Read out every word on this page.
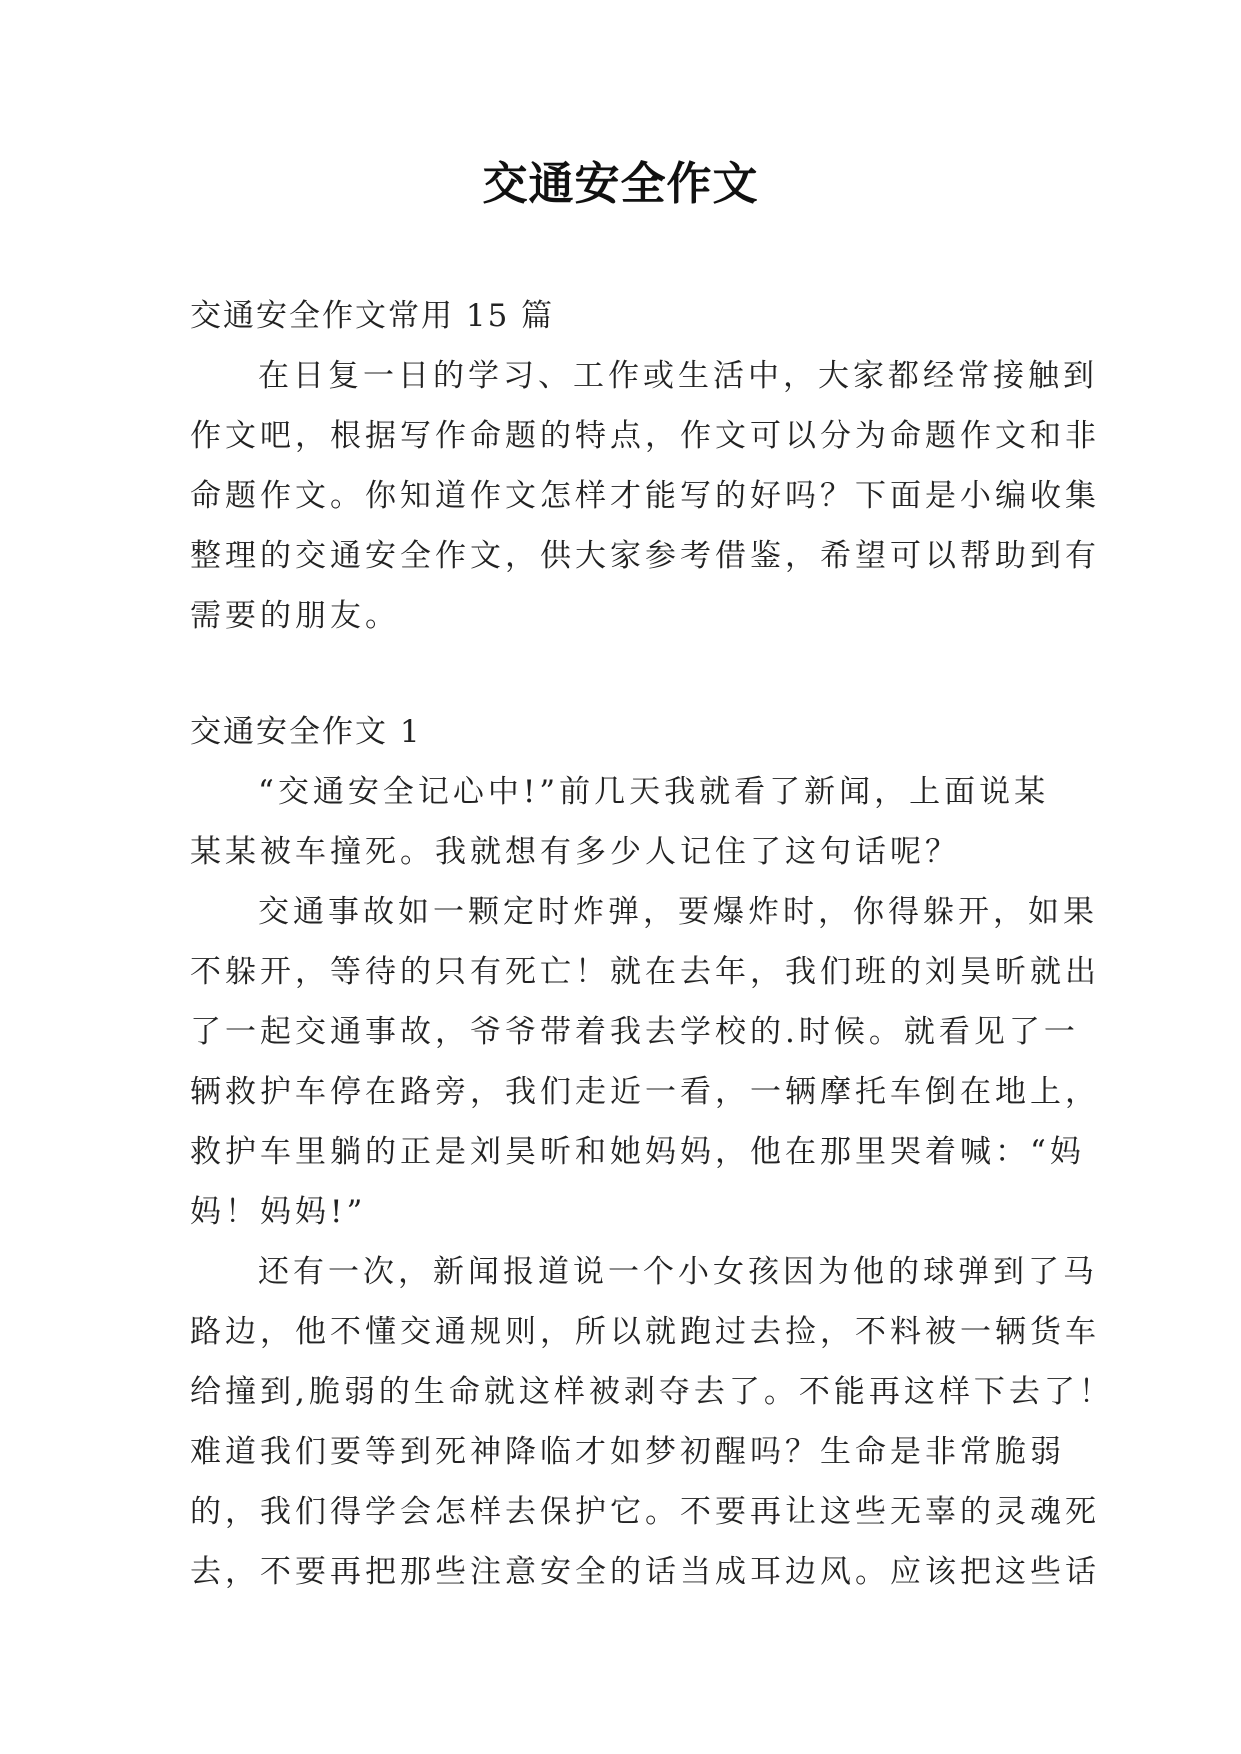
交通安全作文
交通安全作文常用 15 篇
在日复一日的学习、工作或生活中，大家都经常接触到
作文吧，根据写作命题的特点，作文可以分为命题作文和非
命题作文。你知道作文怎样才能写的好吗？下面是小编收集
整理的交通安全作文，供大家参考借鉴，希望可以帮助到有
需要的朋友。
交通安全作文 1
“交通安全记心中!”前几天我就看了新闻，上面说某
某某被车撞死。我就想有多少人记住了这句话呢？
交通事故如一颗定时炸弹，要爆炸时，你得躲开，如果
不躲开，等待的只有死亡！就在去年，我们班的刘昊昕就出
了一起交通事故，爷爷带着我去学校的.时候。就看见了一
辆救护车停在路旁，我们走近一看，一辆摩托车倒在地上，
救护车里躺的正是刘昊昕和她妈妈，他在那里哭着喊：“妈
妈！妈妈!”
还有一次，新闻报道说一个小女孩因为他的球弹到了马
路边，他不懂交通规则，所以就跑过去捡，不料被一辆货车
给撞到,脆弱的生命就这样被剥夺去了。不能再这样下去了！
难道我们要等到死神降临才如梦初醒吗？生命是非常脆弱
的，我们得学会怎样去保护它。不要再让这些无辜的灵魂死
去，不要再把那些注意安全的话当成耳边风。应该把这些话
